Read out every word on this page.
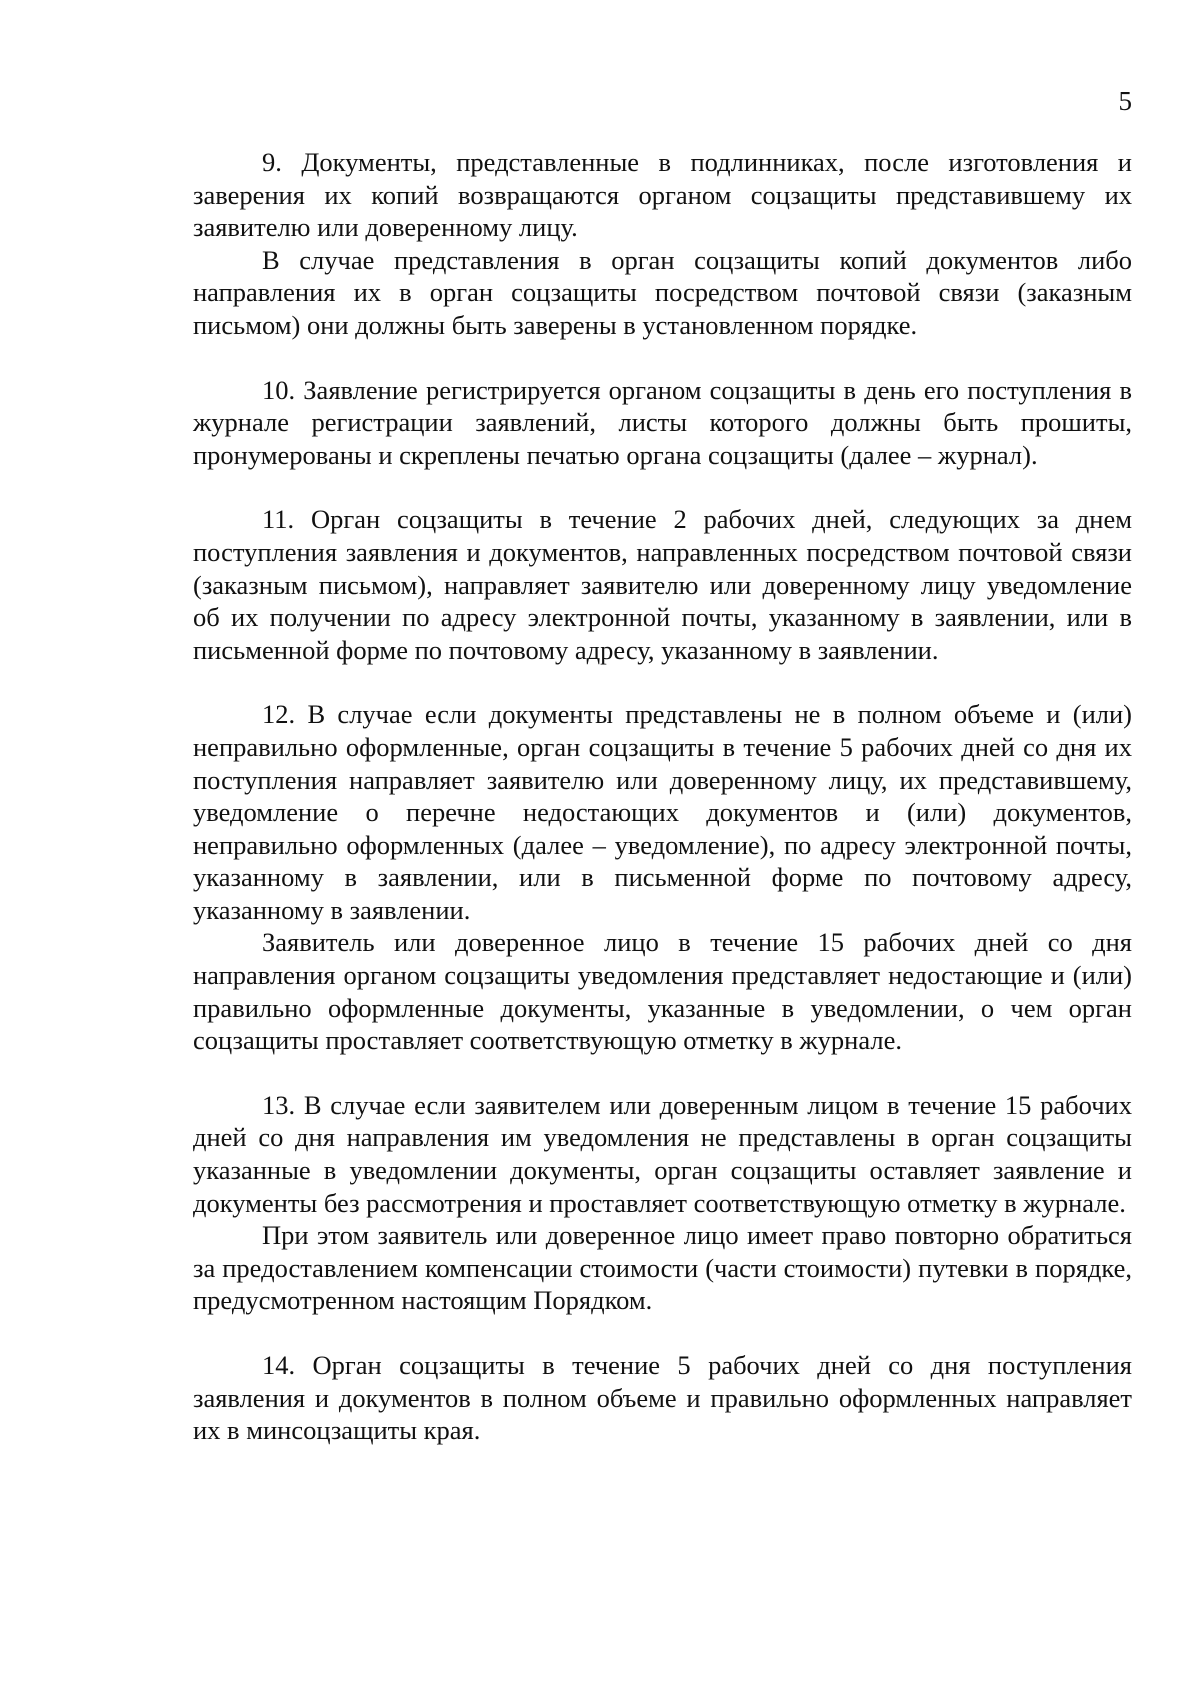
5

9. Документы, представленные в подлинниках, после изготовления и заверения их копий возвращаются органом соцзащиты представившему их заявителю или доверенному лицу.

В случае представления в орган соцзащиты копий документов либо направления их в орган соцзащиты посредством почтовой связи (заказным письмом) они должны быть заверены в установленном порядке.

10. Заявление регистрируется органом соцзащиты в день его поступления в журнале регистрации заявлений, листы которого должны быть прошиты, пронумерованы и скреплены печатью органа соцзащиты (далее – журнал).

11. Орган соцзащиты в течение 2 рабочих дней, следующих за днем поступления заявления и документов, направленных посредством почтовой связи (заказным письмом), направляет заявителю или доверенному лицу уведомление об их получении по адресу электронной почты, указанному в заявлении, или в письменной форме по почтовому адресу, указанному в заявлении.

12. В случае если документы представлены не в полном объеме и (или) неправильно оформленные, орган соцзащиты в течение 5 рабочих дней со дня их поступления направляет заявителю или доверенному лицу, их представившему, уведомление о перечне недостающих документов и (или) документов, неправильно оформленных (далее – уведомление), по адресу электронной почты, указанному в заявлении, или в письменной форме по почтовому адресу, указанному в заявлении.

Заявитель или доверенное лицо в течение 15 рабочих дней со дня направления органом соцзащиты уведомления представляет недостающие и (или) правильно оформленные документы, указанные в уведомлении, о чем орган соцзащиты проставляет соответствующую отметку в журнале.

13. В случае если заявителем или доверенным лицом в течение 15 рабочих дней со дня направления им уведомления не представлены в орган соцзащиты указанные в уведомлении документы, орган соцзащиты оставляет заявление и документы без рассмотрения и проставляет соответствующую отметку в журнале.

При этом заявитель или доверенное лицо имеет право повторно обратиться за предоставлением компенсации стоимости (части стоимости) путевки в порядке, предусмотренном настоящим Порядком.

14. Орган соцзащиты в течение 5 рабочих дней со дня поступления заявления и документов в полном объеме и правильно оформленных направляет их в минсоцзащиты края.
